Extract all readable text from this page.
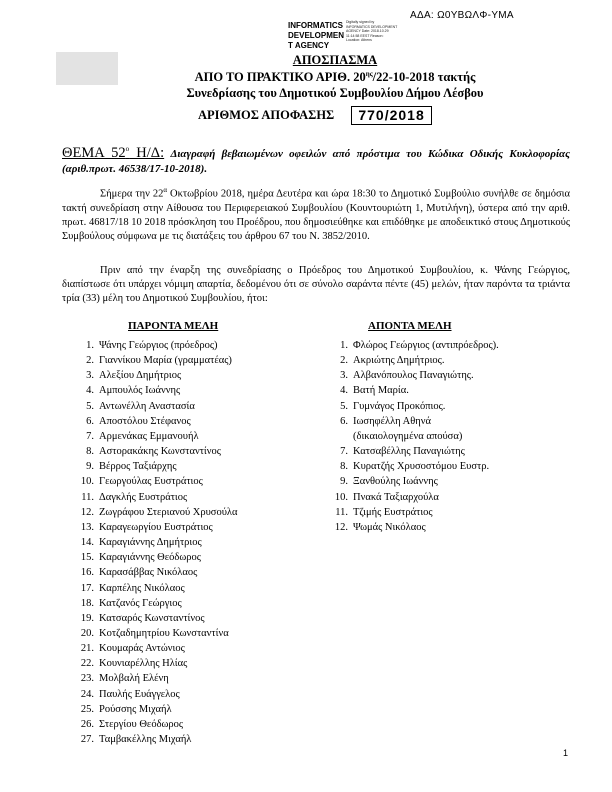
ΑΔΑ: Ω0ΥΒΩΛΦ-ΥΜΑ
INFORMATICS
DEVELOPMEN
T AGENCY
Digitally signed by INFORMATICS DEVELOPMENT AGENCY Date: 2018.10.29 11:14:58 EEST Reason: Location: Athens
ΑΠΟΣΠΑΣΜΑ
ΑΠΟ ΤΟ ΠΡΑΚΤΙΚΟ ΑΡΙΘ. $20^{\eta\varsigma}/22-10-2018$ τακτής
Συνεδρίασης του Δημοτικού Συμβουλίου Δήμου Λέσβου
ΑΡΙΘΜΟΣ ΑΠΟΦΑΣΗΣ 770/2018
ΘΕΜΑ $52^o$ Η/Δ: Διαγραφή βεβαιωμένων οφειλών από πρόστιμα του Κώδικα Οδικής Κυκλοφορίας (αριθ.πρωτ. 46538/17-10-2018).
Σήμερα την $22^\alpha$ Οκτωβρίου 2018, ημέρα Δευτέρα και ώρα 18:30 το Δημοτικό Συμβούλιο συνήλθε σε δημόσια τακτή συνεδρίαση στην Αίθουσα του Περιφερειακού Συμβουλίου (Κουντουριώτη 1, Μυτιλήνη), ύστερα από την αριθ. πρωτ. 46817/18 10 2018 πρόσκληση του Προέδρου, που δημοσιεύθηκε και επιδόθηκε με αποδεικτικό στους Δημοτικούς Συμβούλους σύμφωνα με τις διατάξεις του άρθρου 67 του Ν. 3852/2010.
Πριν από την έναρξη της συνεδρίασης ο Πρόεδρος του Δημοτικού Συμβουλίου, κ. Ψάνης Γεώργιος, διαπίστωσε ότι υπάρχει νόμιμη απαρτία, δεδομένου ότι σε σύνολο σαράντα πέντε (45) μελών, ήταν παρόντα τα τριάντα τρία (33) μέλη του Δημοτικού Συμβουλίου, ήτοι:
ΠΑΡΟΝΤΑ ΜΕΛΗ	ΑΠΟΝΤΑ ΜΕΛΗ
1. Ψάνης Γεώργιος (πρόεδρος)
2. Γιαννίκου Μαρία (γραμματέας)
3. Αλεξίου Δημήτριος
4. Αμπουλός Ιωάννης
5. Αντωνέλλη Αναστασία
6. Αποστόλου Στέφανος
7. Αρμενάκας Εμμανουήλ
8. Αστορακάκης Κωνσταντίνος
9. Βέρρος Ταξιάρχης
10. Γεωργούλας Ευστράτιος
11. Δαγκλής Ευστράτιος
12. Ζωγράφου Στεριανού Χρυσούλα
13. Καραγεωργίου Ευστράτιος
14. Καραγιάννης Δημήτριος
15. Καραγιάννης Θεόδωρος
16. Καρασάββας Νικόλαος
17. Καρπέλης Νικόλαος
18. Κατζανός Γεώργιος
19. Κατσαρός Κωνσταντίνος
20. Κοτζαδημητρίου Κωνσταντίνα
21. Κουμαράς Αντώνιος
22. Κουνιαρέλλης Ηλίας
23. Μολβαλή Ελένη
24. Παυλής Ευάγγελος
25. Ρούσσης Μιχαήλ
26. Στεργίου Θεόδωρος
27. Ταμβακέλλης Μιχαήλ
1. Φλώρος Γεώργιος (αντιπρόεδρος).
2. Ακριώτης Δημήτριος.
3. Αλβανόπουλος Παναγιώτης.
4. Βατή Μαρία.
5. Γυμνάγος Προκόπιος.
6. Ιωσηφέλλη Αθηνά
(δικαιολογημένα απούσα)
7. Κατσαβέλλης Παναγιώτης
8. Κυρατζής Χρυσοστόμου Ευστρ.
9. Ξανθούλης Ιωάννης
10. Πνακά Ταξιαρχούλα
11. Τζιμής Ευστράτιος
12. Ψωμάς Νικόλαος
1
